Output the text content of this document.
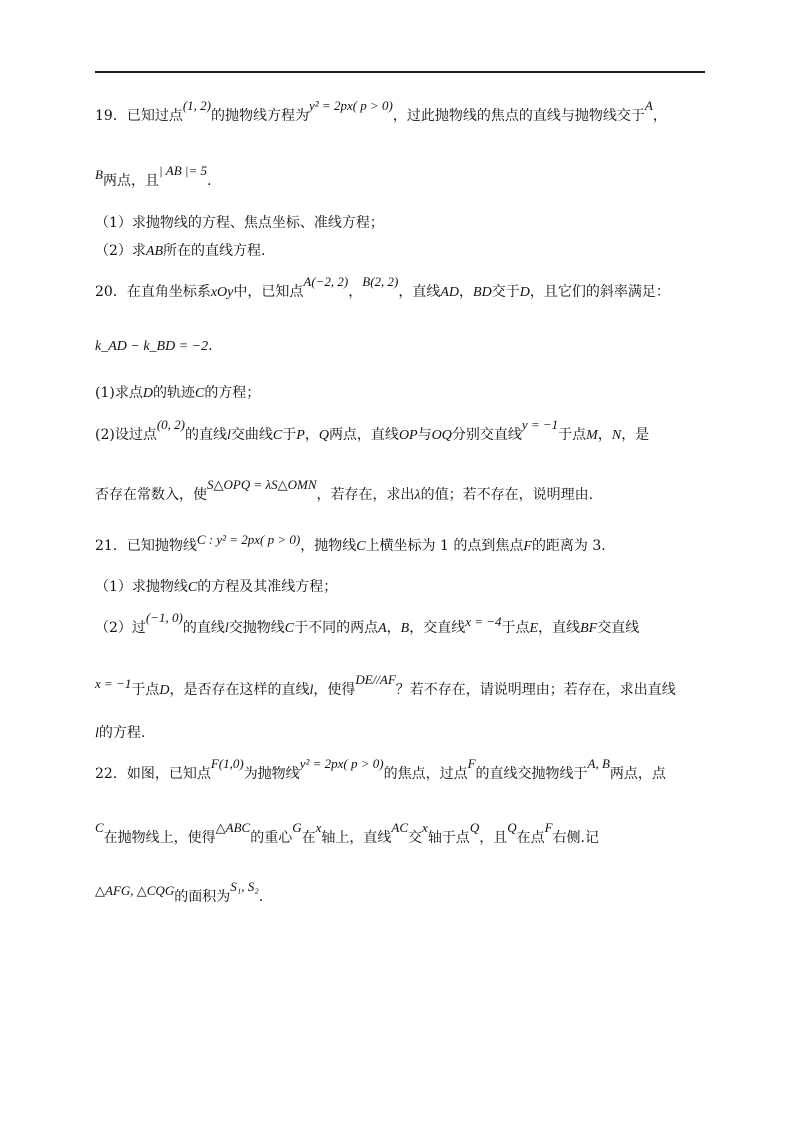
19．已知过点(1, 2)的抛物线方程为y² = 2px( p > 0)，过此抛物线的焦点的直线与抛物线交于A，
B两点，且| AB |= 5.
（1）求抛物线的方程、焦点坐标、准线方程；
（2）求AB所在的直线方程.
20．在直角坐标系xOy中，已知点A(−2, 2)，B(2, 2)，直线AD，BD交于D，且它们的斜率满足：
k_AD − k_BD = −2.
(1)求点D的轨迹C的方程；
(2)设过点(0, 2)的直线l交曲线C于P，Q两点，直线OP与OQ分别交直线y = −1于点M，N，是
否存在常数入，使S△OPQ = λS△OMN，若存在，求出λ的值；若不存在，说明理由.
21．已知抛物线C : y² = 2px( p > 0)，抛物线C上横坐标为 1 的点到焦点F的距离为 3.
（1）求抛物线C的方程及其准线方程；
（2）过(−1, 0)的直线l交抛物线C于不同的两点A，B，交直线x = −4于点E，直线BF交直线
x = −1于点D，是否存在这样的直线l，使得DE//AF？若不存在，请说明理由；若存在，求出直线
l的方程.
22．如图，已知点F(1,0)为抛物线y² = 2px( p > 0)的焦点，过点F的直线交抛物线于A, B两点，点
C在抛物线上，使得△ABC的重心G在x轴上，直线AC交x轴于点Q，且Q在点F右侧.记
△AFG, △CQG的面积为S₁, S₂.
